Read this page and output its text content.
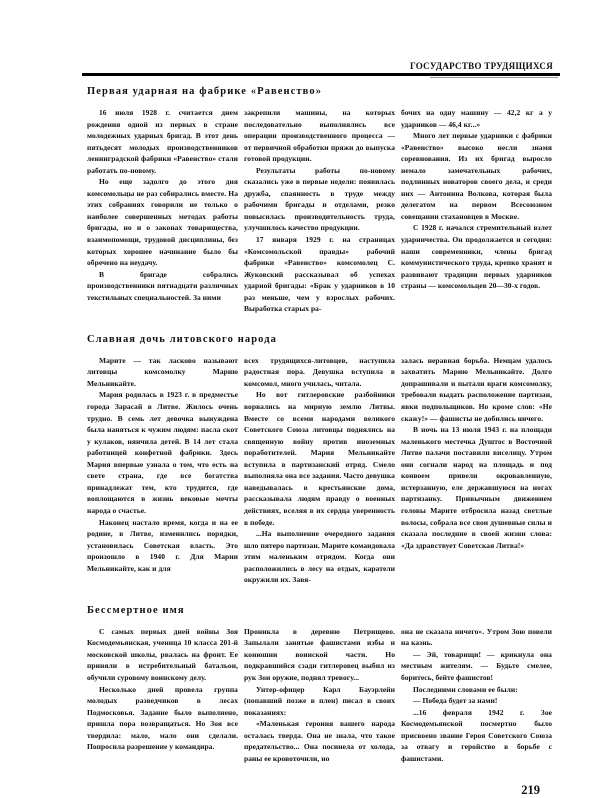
ГОСУДАРСТВО ТРУДЯЩИХСЯ
Первая ударная на фабрике «Равенство»

16 июля 1928 г. считается днем рождения одной из первых в стране молодежных ударных бригад. В этот день пятьдесят молодых производственников ленинградской фабрики «Равенство» стали работать по-новому.

Но еще задолго до этого дня комсомольцы не раз собирались вместе. На этих собраниях говорили не только о наиболее совершенных методах работы бригады, но и о законах товарищества, взаимопомощи, трудовой дисциплины, без которых хорошее начинание было бы обречено на неудачу.

В бригаде собрались производственники пятнадцати различных текстильных специальностей. За ними

закрепили машины, на которых последовательно выполнялись все операции производственного процесса — от первичной обработки пряжи до выпуска готовой продукции.

Результаты работы по-новому сказались уже в первые недели: появилась дружба, спаянность в труде между рабочими бригады и отделами, резко повысилась производительность труда, улучшилось качество продукции.

17 января 1929 г. на страницах «Комсомольской правды» рабочий фабрики «Равенство» комсомолец С. Жуковский рассказывал об успехах ударной бригады: «Брак у ударников в 10 раз меньше, чем у взрослых рабочих. Выработка старых ра-

бочих на одну машину — 42,2 кг а у ударников — 46,4 кг...»

Много лет первые ударники с фабрики «Равенство» высоко несли знамя соревнования. Из их бригад выросло немало замечательных рабочих, подлинных новаторов своего дела, и среди них — Антонина Волкова, которая была делегатом на первом Всесоюзном совещании стахановцев в Москве.

С 1928 г. начался стремительный взлет ударничества. Он продолжается и сегодня: наши современники, члены бригад коммунистического труда, крепко хранят и развивают традиции первых ударников страны — комсомольцев 20—30-х годов.

Славная дочь литовского народа

Марите — так ласково называют литовцы комсомолку Марию Мельникайте.

Мария родилась в 1923 г. в предместье города Зарасай в Литве. Жилось очень трудно. В семь лет девочка вынуждена была наняться к чужим людям: пасла скот у кулаков, нянчила детей. В 14 лет стала работницей конфетной фабрики. Здесь Мария впервые узнала о том, что есть на свете страна, где все богатства принадлежат тем, кто трудится, где воплощаются в жизнь вековые мечты народа о счастье.

Наконец настало время, когда и на ее родине, в Литве, изменились порядки, установилась Советская власть. Это произошло в 1940 г. Для Марии Мельникайте, как и для

всех трудящихся-литовцев, наступила радостная пора. Девушка вступила в комсомол, много училась, читала.

Но вот гитлеровские разбойники ворвались на мирную землю Литвы. Вместе со всеми народами великого Советского Союза литовцы поднялись на священную войну против иноземных поработителей. Мария Мельникайте вступила в партизанский отряд. Смело выполняла она все задания. Часто девушка наведывалась в крестьянские дома, рассказывала людям правду о военных действиях, вселяя в их сердца уверенность в победе.

...На выполнение очередного задания шло пятеро партизан. Марите командовала этим маленьким отрядом. Когда они расположились в лесу на отдых, каратели окружили их. Завя-

залась неравная борьба. Немцам удалось захватить Марию Мельникайте. Долго допрашивали и пытали враги комсомолку, требовали выдать расположение партизан, явки подпольщиков. Но кроме слов: «Не скажу!» — фашисты не добились ничего.

В ночь на 13 июля 1943 г. на площади маленького местечка Душтос в Восточной Литве палачи поставили виселицу. Утром они согнали народ на площадь и под конвоем привели окровавленную, истерзанную, еле державшуюся на ногах партизанку. Привычным движением головы Марите отбросила назад светлые волосы, собрала все свои душевные силы и сказала последние в своей жизни слова: «Да здравствует Советская Литва!»

Бессмертное имя

С самых первых дней войны Зоя Космодемьянская, ученица 10 класса 201-й московской школы, рвалась на фронт. Ее приняли в истребительный батальон, обучили суровому воинскому делу.

Несколько дней провела группа молодых разведчиков в лесах Подмосковья. Задание было выполнено, пришла пора возвращаться. Но Зоя все твердила: мало, мало они сделали. Попросила разрешение у командира.

Проникла в деревню Петрищево. Запылали занятые фашистами избы и конюшни воинской части. Но подкравшийся сзади гитлеровец выбил из рук Зои оружие, поднял тревогу...

Унтер-офицер Карл Бауэрлейн (попавший позже в плен) писал в своих показаниях:

«Маленькая героиня вашего народа осталась тверда. Она не знала, что такое предательство... Она посинела от холода, раны ее кровоточили, но

она не сказала ничего». Утром Зою повели на казнь.

— Эй, товарищи! — крикнула она местным жителям. — Будьте смелее, боритесь, бейте фашистов!

Последними словами ее были:

— Победа будет за нами!

...16 февраля 1942 г. Зое Космодемьянской посмертно было присвоено звание Героя Советского Союза за отвагу и геройство в борьбе с фашистами.

219
